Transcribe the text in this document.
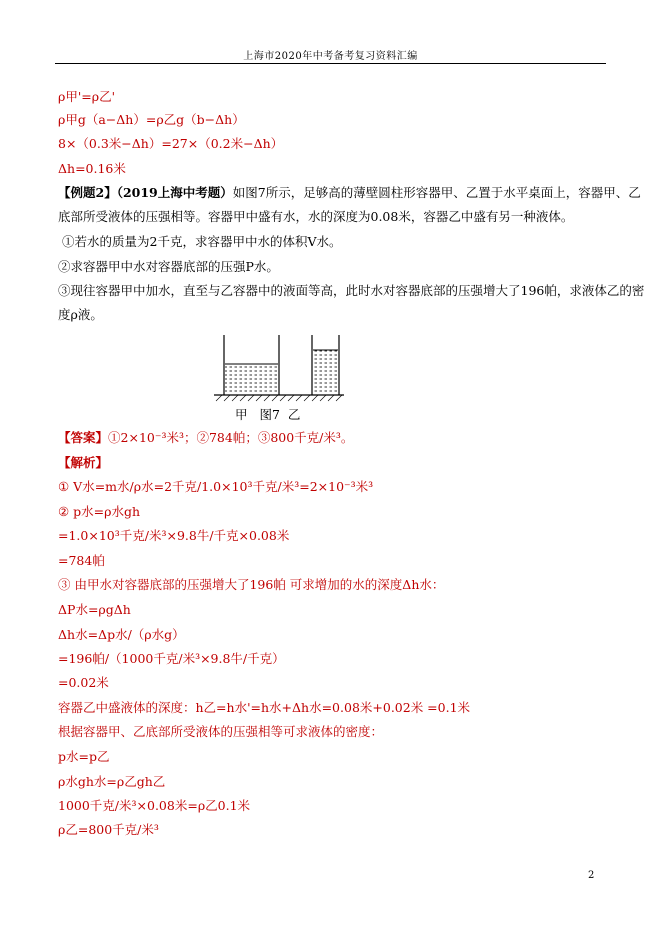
上海市2020年中考备考复习资料汇编
ρ甲'=ρ乙'
ρ甲g（a−Δh）=ρ乙g（b−Δh）
8×（0.3米−Δh）=27×（0.2米−Δh）
Δh=0.16米
【例题2】（2019上海中考题）如图7所示，足够高的薄壁圆柱形容器甲、乙置于水平桌面上，容器甲、乙
底部所受液体的压强相等。容器甲中盛有水，水的深度为0.08米，容器乙中盛有另一种液体。
①若水的质量为2千克，求容器甲中水的体积V水。
②求容器甲中水对容器底部的压强P水。
③现往容器甲中加水，直至与乙容器中的液面等高，此时水对容器底部的压强增大了196帕，求液体乙的密
度ρ液。
甲 图7 乙
【答案】①2×10⁻³米³；②784帕；③800千克/米³。
【解析】
① V水=m水/ρ水=2千克/1.0×10³千克/米³=2×10⁻³米³
② p水=ρ水gh
=1.0×10³千克/米³×9.8牛/千克×0.08米
=784帕
③ 由甲水对容器底部的压强增大了196帕 可求增加的水的深度Δh水：
ΔP水=ρgΔh
Δh水=Δp水/（ρ水g）
=196帕/（1000千克/米³×9.8牛/千克）
=0.02米
容器乙中盛液体的深度：h乙=h水'=h水+Δh水=0.08米+0.02米 =0.1米
根据容器甲、乙底部所受液体的压强相等可求液体的密度：
p水=p乙
ρ水gh水=ρ乙gh乙
1000千克/米³×0.08米=ρ乙0.1米
ρ乙=800千克/米³
2
